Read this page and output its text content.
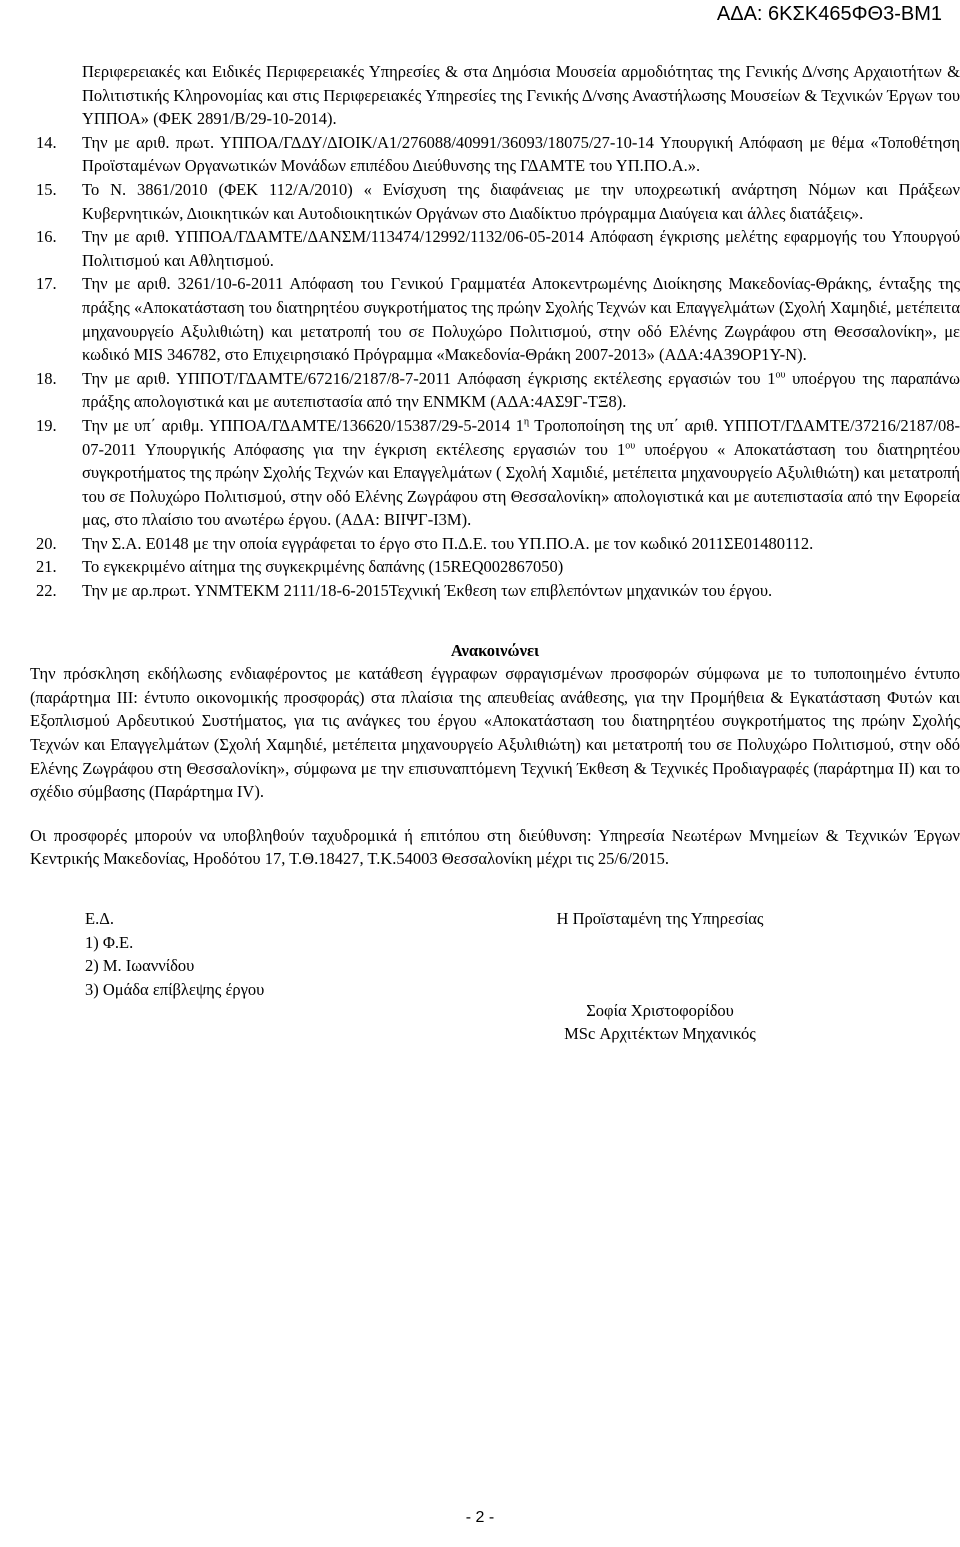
ΑΔΑ: 6ΚΣΚ465ΦΘ3-ΒΜ1
Περιφερειακές και Ειδικές Περιφερειακές Υπηρεσίες & στα Δημόσια Μουσεία αρμοδιότητας της Γενικής Δ/νσης Αρχαιοτήτων & Πολιτιστικής Κληρονομίας και στις Περιφερειακές Υπηρεσίες της Γενικής Δ/νσης Αναστήλωσης Μουσείων & Τεχνικών Έργων του ΥΠΠΟΑ» (ΦΕΚ 2891/Β/29-10-2014).
14. Την με αριθ. πρωτ. ΥΠΠΟΑ/ΓΔΔΥ/ΔΙΟΙΚ/Α1/276088/40991/36093/18075/27-10-14 Υπουργική Απόφαση με θέμα «Τοποθέτηση Προϊσταμένων Οργανωτικών Μονάδων επιπέδου Διεύθυνσης της ΓΔΑΜΤΕ του ΥΠ.ΠΟ.Α.».
15. Το Ν. 3861/2010 (ΦΕΚ 112/Α/2010) « Ενίσχυση της διαφάνειας με την υποχρεωτική ανάρτηση Νόμων και Πράξεων Κυβερνητικών, Διοικητικών και Αυτοδιοικητικών Οργάνων στο Διαδίκτυο πρόγραμμα Διαύγεια και άλλες διατάξεις».
16. Την με αριθ. ΥΠΠΟΑ/ΓΔΑΜΤΕ/ΔΑΝΣΜ/113474/12992/1132/06-05-2014 Απόφαση έγκρισης μελέτης εφαρμογής του Υπουργού Πολιτισμού και Αθλητισμού.
17. Την με αριθ. 3261/10-6-2011 Απόφαση του Γενικού Γραμματέα Αποκεντρωμένης Διοίκησης Μακεδονίας-Θράκης, ένταξης της πράξης «Αποκατάσταση του διατηρητέου συγκροτήματος της πρώην Σχολής Τεχνών και Επαγγελμάτων (Σχολή Χαμηδιέ, μετέπειτα μηχανουργείο Αξυλιθιώτη) και μετατροπή του σε Πολυχώρο Πολιτισμού, στην οδό Ελένης Ζωγράφου στη Θεσσαλονίκη», με κωδικό MIS 346782, στο Επιχειρησιακό Πρόγραμμα «Μακεδονία-Θράκη 2007-2013» (ΑΔΑ:4Α39ΟΡ1Υ-Ν).
18. Την με αριθ. ΥΠΠΟΤ/ΓΔΑΜΤΕ/67216/2187/8-7-2011 Απόφαση έγκρισης εκτέλεσης εργασιών του $1^{o\upsilon}$ υποέργου της παραπάνω πράξης απολογιστικά και με αυτεπιστασία από την ΕΝΜΚΜ (ΑΔΑ:4ΑΣ9Γ-ΤΞ8).
19. Την με υπ΄ αριθμ. ΥΠΠΟΑ/ΓΔΑΜΤΕ/136620/15387/29-5-2014 $1^\eta$ Τροποποίηση της υπ΄ αριθ. ΥΠΠΟΤ/ΓΔΑΜΤΕ/37216/2187/08-07-2011 Υπουργικής Απόφασης για την έγκριση εκτέλεσης εργασιών του $1^{o\upsilon}$ υποέργου « Αποκατάσταση του διατηρητέου συγκροτήματος της πρώην Σχολής Τεχνών και Επαγγελμάτων ( Σχολή Χαμιδιέ, μετέπειτα μηχανουργείο Αξυλιθιώτη) και μετατροπή του σε Πολυχώρο Πολιτισμού, στην οδό Ελένης Ζωγράφου στη Θεσσαλονίκη» απολογιστικά και με αυτεπιστασία από την Εφορεία μας, στο πλαίσιο του ανωτέρω έργου. (ΑΔΑ: ΒΙΙΨΓ-Ι3Μ).
20. Την Σ.Α. Ε0148 με την οποία εγγράφεται το έργο στο Π.Δ.Ε. του ΥΠ.ΠΟ.Α. με τον κωδικό 2011ΣΕ01480112.
21. Το εγκεκριμένο αίτημα της συγκεκριμένης δαπάνης (15REQ002867050)
22. Την με αρ.πρωτ. ΥΝΜΤΕΚΜ 2111/18-6-2015Τεχνική Έκθεση των επιβλεπόντων μηχανικών του έργου.
Ανακοινώνει
Την πρόσκληση εκδήλωσης ενδιαφέροντος με κατάθεση έγγραφων σφραγισμένων προσφορών σύμφωνα με το τυποποιημένο έντυπο (παράρτημα ΙΙΙ: έντυπο οικονομικής προσφοράς) στα πλαίσια της απευθείας ανάθεσης, για την Προμήθεια & Εγκατάσταση Φυτών και Εξοπλισμού Αρδευτικού Συστήματος, για τις ανάγκες του έργου «Αποκατάσταση του διατηρητέου συγκροτήματος της πρώην Σχολής Τεχνών και Επαγγελμάτων (Σχολή Χαμηδιέ, μετέπειτα μηχανουργείο Αξυλιθιώτη) και μετατροπή του σε Πολυχώρο Πολιτισμού, στην οδό Ελένης Ζωγράφου στη Θεσσαλονίκη», σύμφωνα με την επισυναπτόμενη Τεχνική Έκθεση & Τεχνικές Προδιαγραφές (παράρτημα ΙΙ) και το σχέδιο σύμβασης (Παράρτημα ΙV).
Οι προσφορές μπορούν να υποβληθούν ταχυδρομικά ή επιτόπου στη διεύθυνση: Υπηρεσία Νεωτέρων Μνημείων & Τεχνικών Έργων Κεντρικής Μακεδονίας, Ηροδότου 17, Τ.Θ.18427, Τ.Κ.54003 Θεσσαλονίκη μέχρι τις 25/6/2015.
Ε.Δ.
1) Φ.Ε.
2) Μ. Ιωαννίδου
3) Ομάδα επίβλεψης έργου
Η Προϊσταμένη της Υπηρεσίας
Σοφία Χριστοφορίδου
MSc Αρχιτέκτων Μηχανικός
- 2 -
